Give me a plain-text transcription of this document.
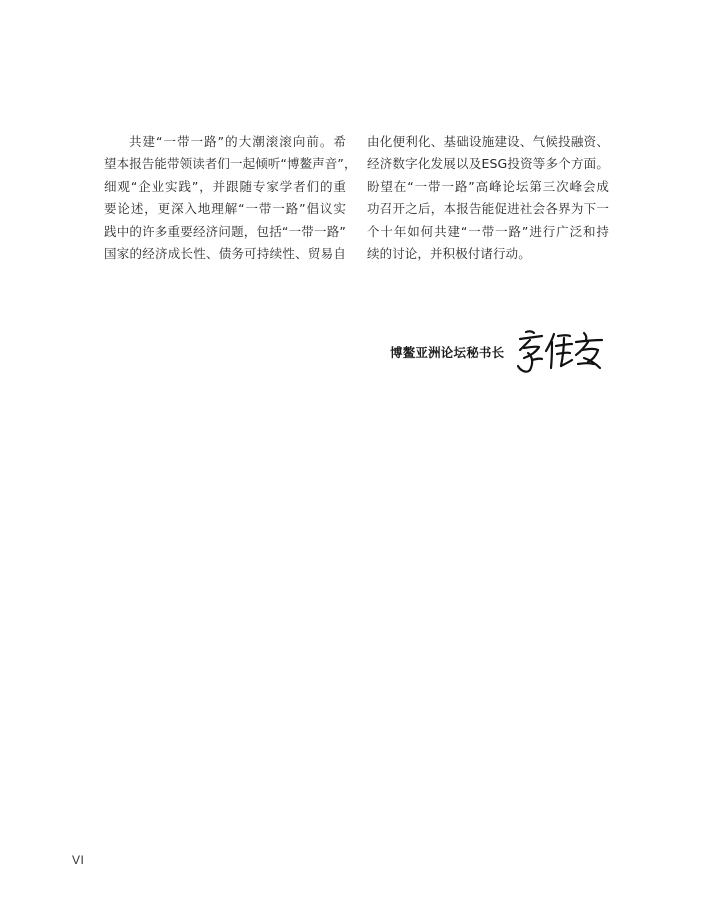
共建“一带一路”的大潮滚滚向前。希
望本报告能带领读者们一起倾听“博鳌声音”，
细观“企业实践”，并跟随专家学者们的重
要论述，更深入地理解“一带一路”倡议实
践中的许多重要经济问题，包括“一带一路”
国家的经济成长性、债务可持续性、贸易自
由化便利化、基础设施建设、气候投融资、
经济数字化发展以及ESG投资等多个方面。
盼望在“一带一路”高峰论坛第三次峰会成
功召开之后，本报告能促进社会各界为下一
个十年如何共建“一带一路”进行广泛和持
续的讨论，并积极付诸行动。
博鳌亚洲论坛秘书长
VI
